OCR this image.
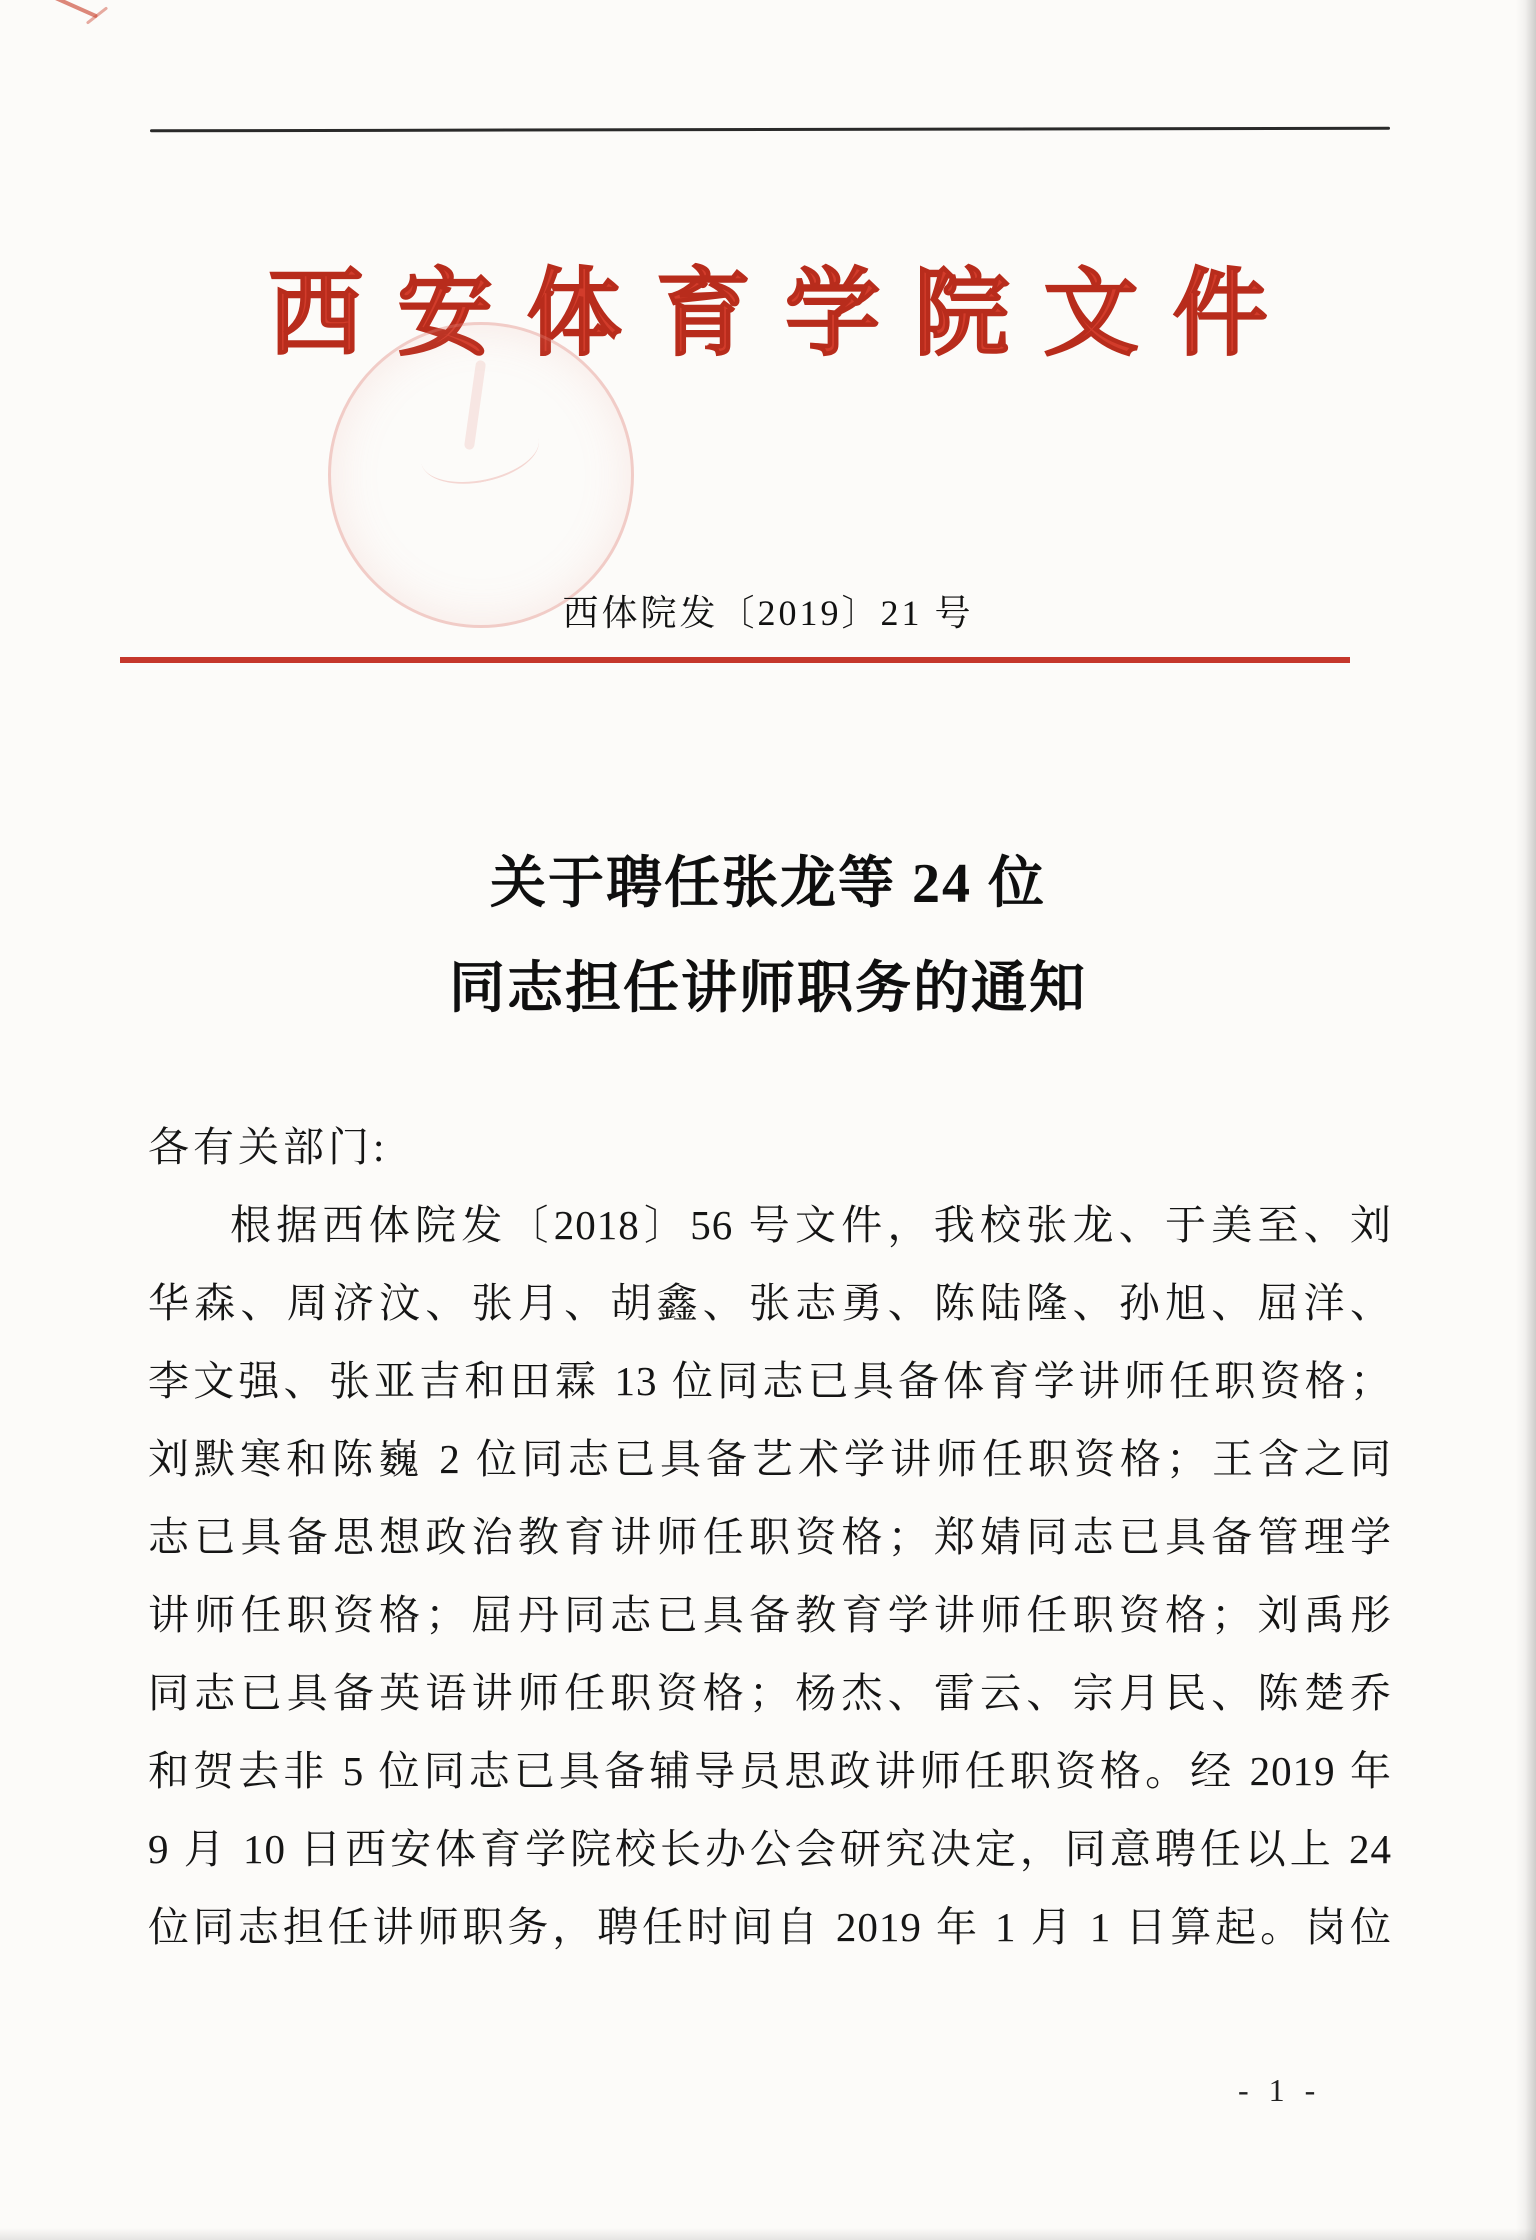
西安体育学院文件
西体院发〔2019〕21 号
关于聘任张龙等 24 位
同志担任讲师职务的通知
各有关部门:
根据西体院发〔2018〕56 号文件，我校张龙、于美至、刘
华森、周济汶、张月、胡鑫、张志勇、陈陆隆、孙旭、屈洋、
李文强、张亚吉和田霖 13 位同志已具备体育学讲师任职资格；
刘默寒和陈巍 2 位同志已具备艺术学讲师任职资格；王含之同
志已具备思想政治教育讲师任职资格；郑婧同志已具备管理学
讲师任职资格；屈丹同志已具备教育学讲师任职资格；刘禹彤
同志已具备英语讲师任职资格；杨杰、雷云、宗月民、陈楚乔
和贺去非 5 位同志已具备辅导员思政讲师任职资格。经 2019 年
9 月 10 日西安体育学院校长办公会研究决定，同意聘任以上 24
位同志担任讲师职务，聘任时间自 2019 年 1 月 1 日算起。岗位
- 1 -
